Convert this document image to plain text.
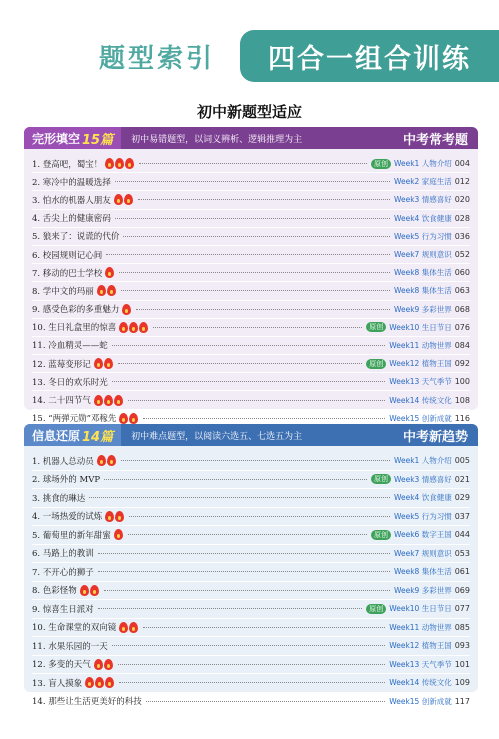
题型索引	四合一组合训练
初中新题型适应
完形填空 15篇 初中易错题型，以词义辨析、逻辑推理为主	中考常考题
1. 登高吧，蜀宝！	原创 Week1 人物介绍 004
2. 寒冷中的温暖选择	Week2 家庭生活 012
3. 怕水的机器人朋友	Week3 情感喜好 020
4. 舌尖上的健康密码	Week4 饮食健康 028
5. 狼来了：说谎的代价	Week5 行为习惯 036
6. 校园规则记心间	Week7 规则意识 052
7. 移动的巴士学校	Week8 集体生活 060
8. 学中文的玛丽	Week8 集体生活 063
9. 感受色彩的多重魅力	Week9 多彩世界 068
10. 生日礼盒里的惊喜	原创 Week10 生日节日 076
11. 冷血精灵——蛇	Week11 动物世界 084
12. 蓝莓变形记	原创 Week12 植物王国 092
13. 冬日的欢乐时光	Week13 天气季节 100
14. 二十四节气	Week14 传统文化 108
15. “两弹元勋”邓稼先	Week15 创新成就 116
信息还原 14篇 初中难点题型，以阅读六选五、七选五为主	中考新趋势
1. 机器人总动员	Week1 人物介绍 005
2. 球场外的 MVP	原创 Week3 情感喜好 021
3. 挑食的琳达	Week4 饮食健康 029
4. 一场热爱的试炼	Week5 行为习惯 037
5. 葡萄里的新年甜蜜	原创 Week6 数字王国 044
6. 马路上的教训	Week7 规则意识 053
7. 不开心的狮子	Week8 集体生活 061
8. 色彩怪物	Week9 多彩世界 069
9. 惊喜生日派对	原创 Week10 生日节日 077
10. 生命课堂的双向镜	Week11 动物世界 085
11. 水果乐园的一天	Week12 植物王国 093
12. 多变的天气	Week13 天气季节 101
13. 盲人摸象	Week14 传统文化 109
14. 那些让生活更美好的科技	Week15 创新成就 117
